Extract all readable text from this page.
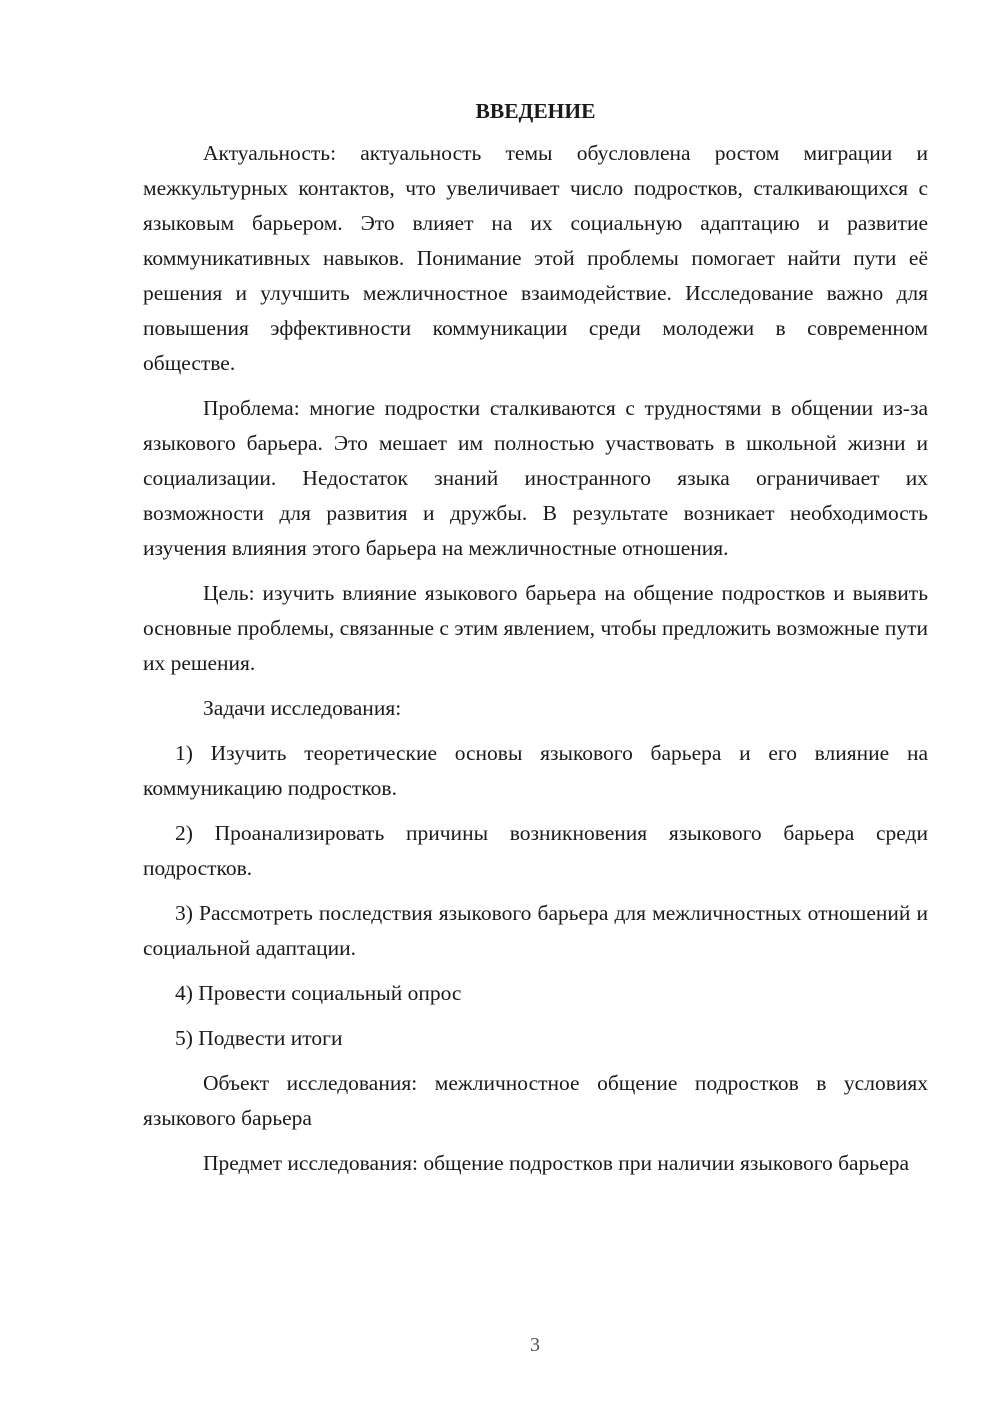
ВВЕДЕНИЕ

Актуальность: актуальность темы обусловлена ростом миграции и межкультурных контактов, что увеличивает число подростков, сталкивающихся с языковым барьером. Это влияет на их социальную адаптацию и развитие коммуникативных навыков. Понимание этой проблемы помогает найти пути её решения и улучшить межличностное взаимодействие. Исследование важно для повышения эффективности коммуникации среди молодежи в современном обществе.

Проблема: многие подростки сталкиваются с трудностями в общении из-за языкового барьера. Это мешает им полностью участвовать в школьной жизни и социализации. Недостаток знаний иностранного языка ограничивает их возможности для развития и дружбы. В результате возникает необходимость изучения влияния этого барьера на межличностные отношения.

Цель: изучить влияние языкового барьера на общение подростков и выявить основные проблемы, связанные с этим явлением, чтобы предложить возможные пути их решения.

Задачи исследования:

1) Изучить теоретические основы языкового барьера и его влияние на коммуникацию подростков.

2) Проанализировать причины возникновения языкового барьера среди подростков.

3) Рассмотреть последствия языкового барьера для межличностных отношений и социальной адаптации.

4) Провести социальный опрос

5) Подвести итоги

Объект исследования: межличностное общение подростков в условиях языкового барьера

Предмет исследования: общение подростков при наличии языкового барьера

3
